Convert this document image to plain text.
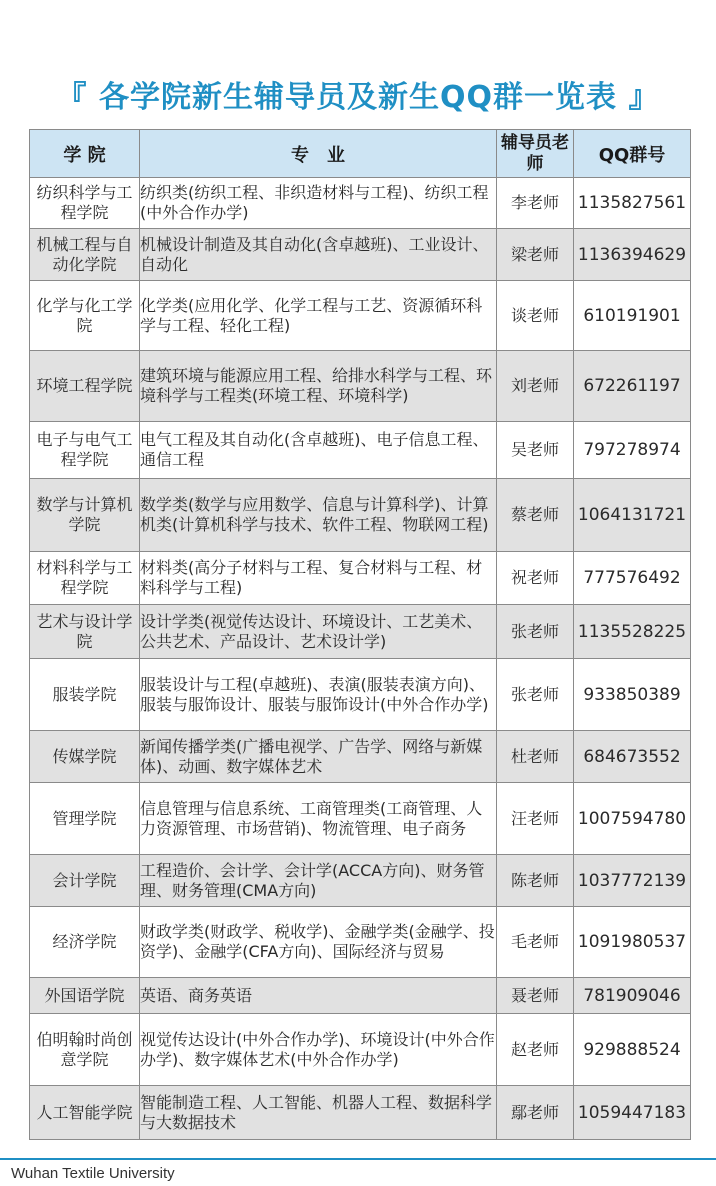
『 各学院新生辅导员及新生QQ群一览表 』
学 院	专　业	辅导员老师	QQ群号
纺织科学与工程学院	纺织类(纺织工程、非织造材料与工程)、纺织工程(中外合作办学)	李老师	1135827561
机械工程与自动化学院	机械设计制造及其自动化(含卓越班)、工业设计、自动化	梁老师	1136394629
化学与化工学院	化学类(应用化学、化学工程与工艺、资源循环科学与工程、轻化工程)	谈老师	610191901
环境工程学院	建筑环境与能源应用工程、给排水科学与工程、环境科学与工程类(环境工程、环境科学)	刘老师	672261197
电子与电气工程学院	电气工程及其自动化(含卓越班)、电子信息工程、通信工程	吴老师	797278974
数学与计算机学院	数学类(数学与应用数学、信息与计算科学)、计算机类(计算机科学与技术、软件工程、物联网工程)	蔡老师	1064131721
材料科学与工程学院	材料类(高分子材料与工程、复合材料与工程、材料科学与工程)	祝老师	777576492
艺术与设计学院	设计学类(视觉传达设计、环境设计、工艺美术、公共艺术、产品设计、艺术设计学)	张老师	1135528225
服装学院	服装设计与工程(卓越班)、表演(服装表演方向)、服装与服饰设计、服装与服饰设计(中外合作办学)	张老师	933850389
传媒学院	新闻传播学类(广播电视学、广告学、网络与新媒体)、动画、数字媒体艺术	杜老师	684673552
管理学院	信息管理与信息系统、工商管理类(工商管理、人力资源管理、市场营销)、物流管理、电子商务	汪老师	1007594780
会计学院	工程造价、会计学、会计学(ACCA方向)、财务管理、财务管理(CMA方向)	陈老师	1037772139
经济学院	财政学类(财政学、税收学)、金融学类(金融学、投资学)、金融学(CFA方向)、国际经济与贸易	毛老师	1091980537
外国语学院	英语、商务英语	聂老师	781909046
伯明翰时尚创意学院	视觉传达设计(中外合作办学)、环境设计(中外合作办学)、数字媒体艺术(中外合作办学)	赵老师	929888524
人工智能学院	智能制造工程、人工智能、机器人工程、数据科学与大数据技术	鄢老师	1059447183
Wuhan Textile University
